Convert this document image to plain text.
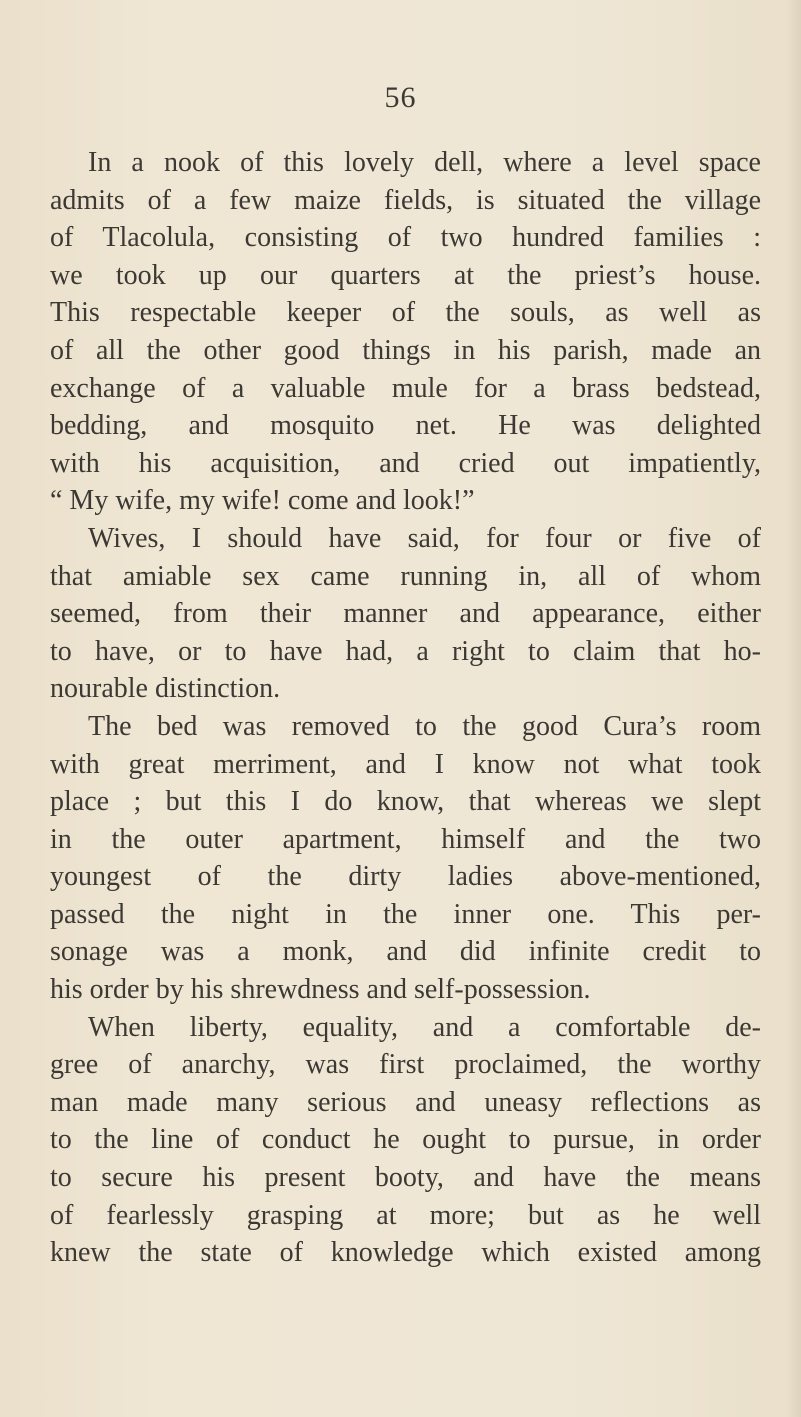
56
In a nook of this lovely dell, where a level space
admits of a few maize fields, is situated the village
of Tlacolula, consisting of two hundred families :
we took up our quarters at the priest’s house.
This respectable keeper of the souls, as well as
of all the other good things in his parish, made an
exchange of a valuable mule for a brass bedstead,
bedding, and mosquito net. He was delighted
with his acquisition, and cried out impatiently,
“ My wife, my wife! come and look!”
Wives, I should have said, for four or five of
that amiable sex came running in, all of whom
seemed, from their manner and appearance, either
to have, or to have had, a right to claim that ho-
nourable distinction.
The bed was removed to the good Cura’s room
with great merriment, and I know not what took
place ; but this I do know, that whereas we slept
in the outer apartment, himself and the two
youngest of the dirty ladies above-mentioned,
passed the night in the inner one. This per-
sonage was a monk, and did infinite credit to
his order by his shrewdness and self-possession.
When liberty, equality, and a comfortable de-
gree of anarchy, was first proclaimed, the worthy
man made many serious and uneasy reflections as
to the line of conduct he ought to pursue, in order
to secure his present booty, and have the means
of fearlessly grasping at more; but as he well
knew the state of knowledge which existed among
